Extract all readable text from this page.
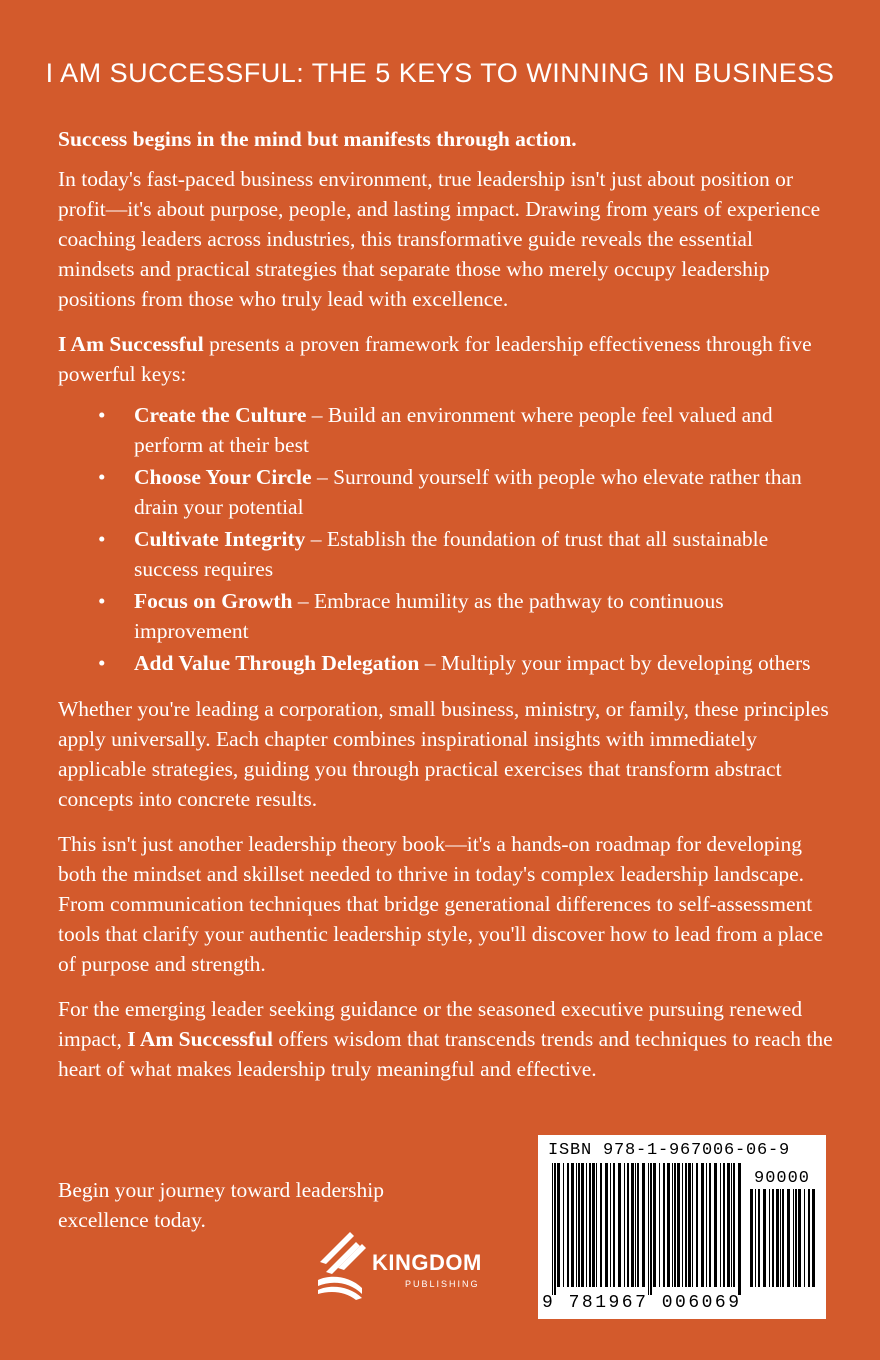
I AM SUCCESSFUL: THE 5 KEYS TO WINNING IN BUSINESS

Success begins in the mind but manifests through action.

In today's fast-paced business environment, true leadership isn't just about position or profit—it's about purpose, people, and lasting impact. Drawing from years of experience coaching leaders across industries, this transformative guide reveals the essential mindsets and practical strategies that separate those who merely occupy leadership positions from those who truly lead with excellence.

I Am Successful presents a proven framework for leadership effectiveness through five powerful keys:

• Create the Culture – Build an environment where people feel valued and perform at their best
• Choose Your Circle – Surround yourself with people who elevate rather than drain your potential
• Cultivate Integrity – Establish the foundation of trust that all sustainable success requires
• Focus on Growth – Embrace humility as the pathway to continuous improvement
• Add Value Through Delegation – Multiply your impact by developing others

Whether you're leading a corporation, small business, ministry, or family, these principles apply universally. Each chapter combines inspirational insights with immediately applicable strategies, guiding you through practical exercises that transform abstract concepts into concrete results.

This isn't just another leadership theory book—it's a hands-on roadmap for developing both the mindset and skillset needed to thrive in today's complex leadership landscape. From communication techniques that bridge generational differences to self-assessment tools that clarify your authentic leadership style, you'll discover how to lead from a place of purpose and strength.

For the emerging leader seeking guidance or the seasoned executive pursuing renewed impact, I Am Successful offers wisdom that transcends trends and techniques to reach the heart of what makes leadership truly meaningful and effective.

Begin your journey toward leadership excellence today.
KINGDOM
PUBLISHING
ISBN 978-1-967006-06-9
90000
9 781967 006069
